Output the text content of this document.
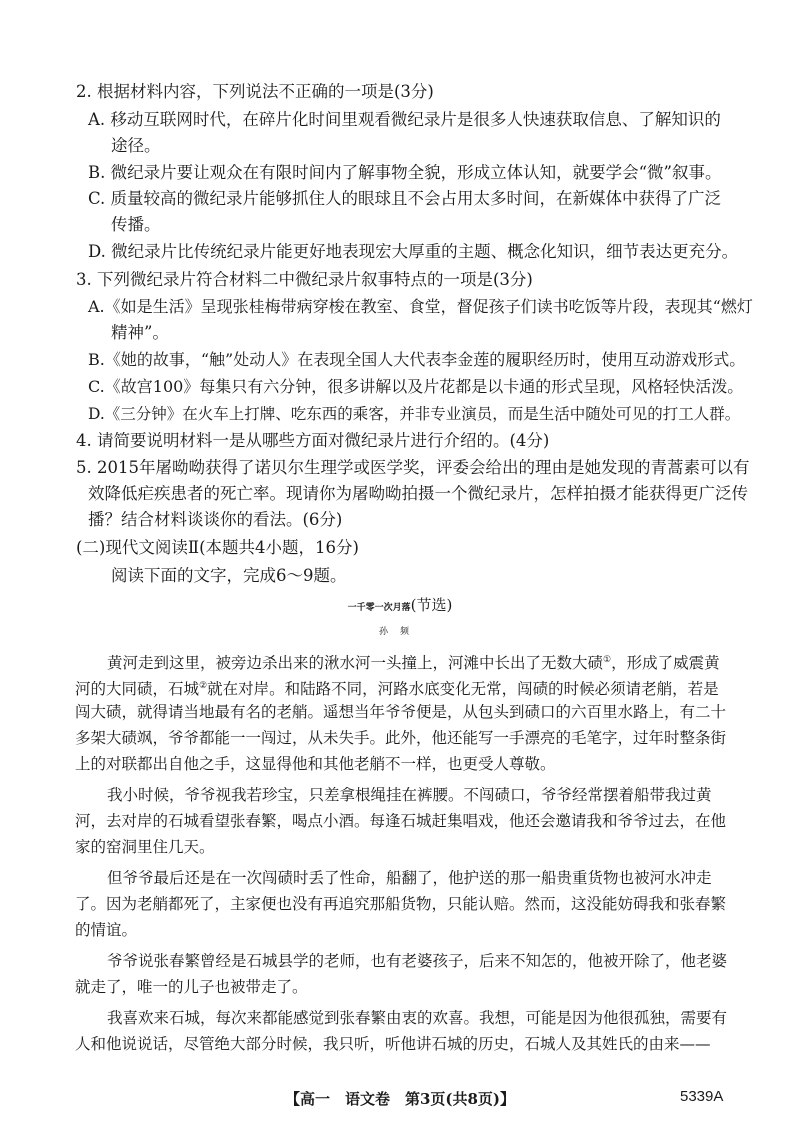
2. 根据材料内容，下列说法不正确的一项是(3分)
A. 移动互联网时代，在碎片化时间里观看微纪录片是很多人快速获取信息、了解知识的
途径。
B. 微纪录片要让观众在有限时间内了解事物全貌，形成立体认知，就要学会“微”叙事。
C. 质量较高的微纪录片能够抓住人的眼球且不会占用太多时间，在新媒体中获得了广泛
传播。
D. 微纪录片比传统纪录片能更好地表现宏大厚重的主题、概念化知识，细节表达更充分。
3. 下列微纪录片符合材料二中微纪录片叙事特点的一项是(3分)
A.《如是生活》呈现张桂梅带病穿梭在教室、食堂，督促孩子们读书吃饭等片段，表现其“燃灯
精神”。
B.《她的故事，“触”处动人》在表现全国人大代表李金莲的履职经历时，使用互动游戏形式。
C.《故宫100》每集只有六分钟，很多讲解以及片花都是以卡通的形式呈现，风格轻快活泼。
D.《三分钟》在火车上打牌、吃东西的乘客，并非专业演员，而是生活中随处可见的打工人群。
4. 请简要说明材料一是从哪些方面对微纪录片进行介绍的。(4分)
5. 2015年屠呦呦获得了诺贝尔生理学或医学奖，评委会给出的理由是她发现的青蒿素可以有
效降低疟疾患者的死亡率。现请你为屠呦呦拍摄一个微纪录片，怎样拍摄才能获得更广泛传
播？结合材料谈谈你的看法。(6分)
(二)现代文阅读Ⅱ(本题共4小题，16分)
阅读下面的文字，完成6～9题。
一千零一次月落(节选)
孙频
黄河走到这里，被旁边杀出来的湫水河一头撞上，河滩中长出了无数大碛①，形成了威震黄
河的大同碛，石城②就在对岸。和陆路不同，河路水底变化无常，闯碛的时候必须请老艄，若是
闯大碛，就得请当地最有名的老艄。遥想当年爷爷便是，从包头到碛口的六百里水路上，有二十
多架大碛飒，爷爷都能一一闯过，从未失手。此外，他还能写一手漂亮的毛笔字，过年时整条街
上的对联都出自他之手，这显得他和其他老艄不一样，也更受人尊敬。
我小时候，爷爷视我若珍宝，只差拿根绳挂在裤腰。不闯碛口，爷爷经常摆着船带我过黄
河，去对岸的石城看望张春繁，喝点小酒。每逢石城赶集唱戏，他还会邀请我和爷爷过去，在他
家的窑洞里住几天。
但爷爷最后还是在一次闯碛时丢了性命，船翻了，他护送的那一船贵重货物也被河水冲走
了。因为老艄都死了，主家便也没有再追究那船货物，只能认赔。然而，这没能妨碍我和张春繁
的情谊。
爷爷说张春繁曾经是石城县学的老师，也有老婆孩子，后来不知怎的，他被开除了，他老婆
就走了，唯一的儿子也被带走了。
我喜欢来石城，每次来都能感觉到张春繁由衷的欢喜。我想，可能是因为他很孤独，需要有
人和他说说话，尽管绝大部分时候，我只听，听他讲石城的历史，石城人及其姓氏的由来——
【高一　语文卷　第3页(共8页)】	5339A
